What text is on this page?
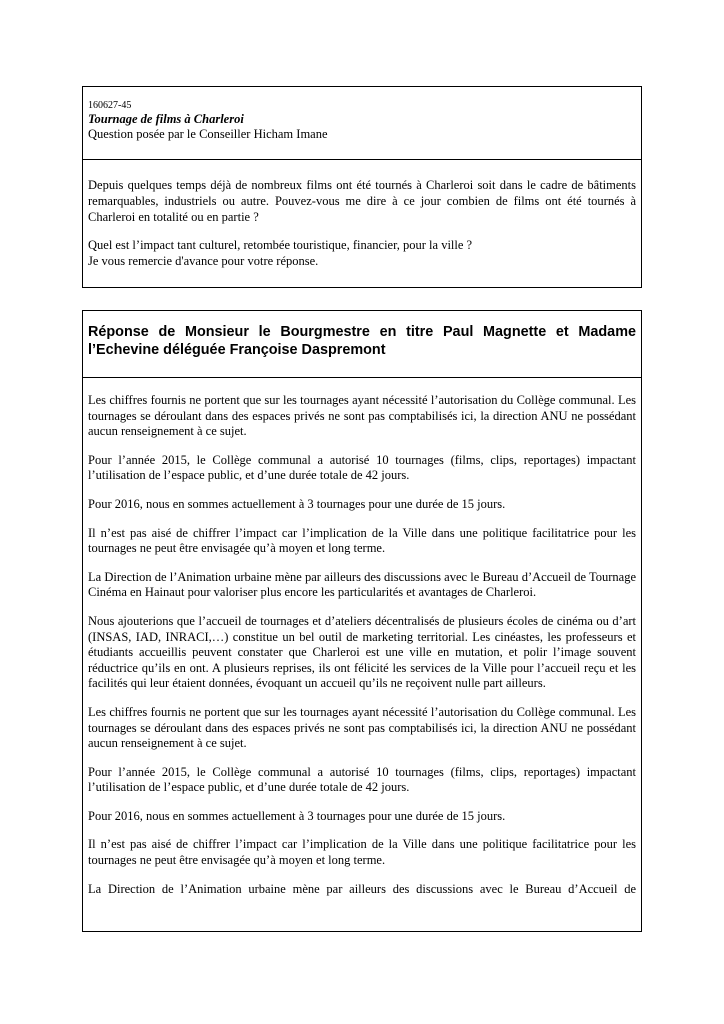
160627-45
Tournage de films à Charleroi
Question posée par le Conseiller Hicham Imane

Depuis quelques temps déjà de nombreux films ont été tournés à Charleroi soit dans le cadre de bâtiments remarquables, industriels ou autre. Pouvez-vous me dire à ce jour combien de films ont été tournés à Charleroi en totalité ou en partie ?

Quel est l’impact tant culturel, retombée touristique, financier, pour la ville ?
Je vous remercie d'avance pour votre réponse.

Réponse de Monsieur le Bourgmestre en titre Paul Magnette et Madame
l’Echevine déléguée Françoise Daspremont

Les chiffres fournis ne portent que sur les tournages ayant nécessité l’autorisation du Collège communal. Les tournages se déroulant dans des espaces privés ne sont pas comptabilisés ici, la direction ANU ne possédant aucun renseignement à ce sujet.

Pour l’année 2015, le Collège communal a autorisé 10 tournages (films, clips, reportages) impactant l’utilisation de l’espace public, et d’une durée totale de 42 jours.

Pour 2016, nous en sommes actuellement à 3 tournages pour une durée de 15 jours.

Il n’est pas aisé de chiffrer l’impact car l’implication de la Ville dans une politique facilitatrice pour les tournages ne peut être envisagée qu’à moyen et long terme.

La Direction de l’Animation urbaine mène par ailleurs des discussions avec le Bureau d’Accueil de Tournage Cinéma en Hainaut pour valoriser plus encore les particularités et avantages de Charleroi.

Nous ajouterions que l’accueil de tournages et d’ateliers décentralisés de plusieurs écoles de cinéma ou d’art (INSAS, IAD, INRACI,…) constitue un bel outil de marketing territorial. Les cinéastes, les professeurs et étudiants accueillis peuvent constater que Charleroi est une ville en mutation, et polir l’image souvent réductrice qu’ils en ont. A plusieurs reprises, ils ont félicité les services de la Ville pour l’accueil reçu et les facilités qui leur étaient données, évoquant un accueil qu’ils ne reçoivent nulle part ailleurs.

Les chiffres fournis ne portent que sur les tournages ayant nécessité l’autorisation du Collège communal. Les tournages se déroulant dans des espaces privés ne sont pas comptabilisés ici, la direction ANU ne possédant aucun renseignement à ce sujet.

Pour l’année 2015, le Collège communal a autorisé 10 tournages (films, clips, reportages) impactant l’utilisation de l’espace public, et d’une durée totale de 42 jours.

Pour 2016, nous en sommes actuellement à 3 tournages pour une durée de 15 jours.

Il n’est pas aisé de chiffrer l’impact car l’implication de la Ville dans une politique facilitatrice pour les tournages ne peut être envisagée qu’à moyen et long terme.

La Direction de l’Animation urbaine mène par ailleurs des discussions avec le Bureau d’Accueil de
